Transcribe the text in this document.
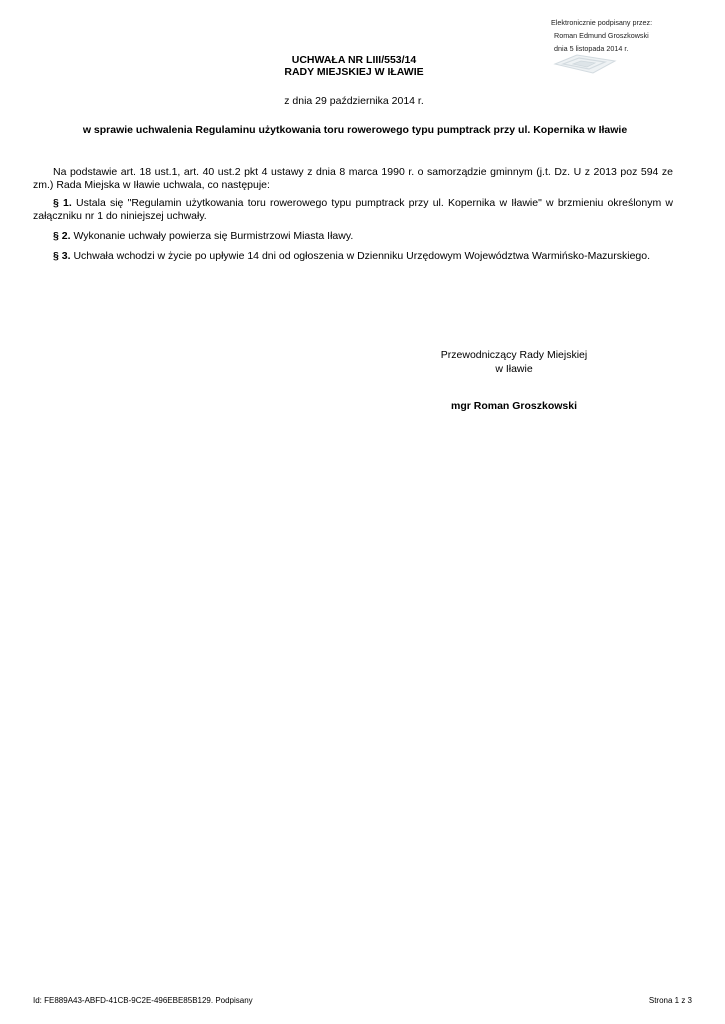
Elektronicznie podpisany przez:
Roman Edmund Groszkowski
dnia 5 listopada 2014 r.
UCHWAŁA NR LIII/553/14
RADY MIEJSKIEJ W IŁAWIE
z dnia 29 października 2014 r.
w sprawie uchwalenia Regulaminu użytkowania toru rowerowego typu pumptrack przy ul. Kopernika w Iławie
Na podstawie art. 18 ust.1, art. 40 ust.2 pkt 4 ustawy z dnia 8 marca 1990 r. o samorządzie gminnym (j.t. Dz. U z 2013 poz 594 ze zm.) Rada Miejska w Iławie uchwala, co następuje:
§ 1. Ustala się "Regulamin użytkowania toru rowerowego typu pumptrack przy ul. Kopernika w Iławie" w brzmieniu określonym w załączniku nr 1 do niniejszej uchwały.
§ 2. Wykonanie uchwały powierza się Burmistrzowi Miasta Iławy.
§ 3. Uchwała wchodzi w życie po upływie 14 dni od ogłoszenia w Dzienniku Urzędowym Województwa Warmińsko-Mazurskiego.
Przewodniczący Rady Miejskiej
w Iławie
mgr Roman Groszkowski
Id: FE889A43-ABFD-41CB-9C2E-496EBE85B129. Podpisany	Strona 1 z 3
